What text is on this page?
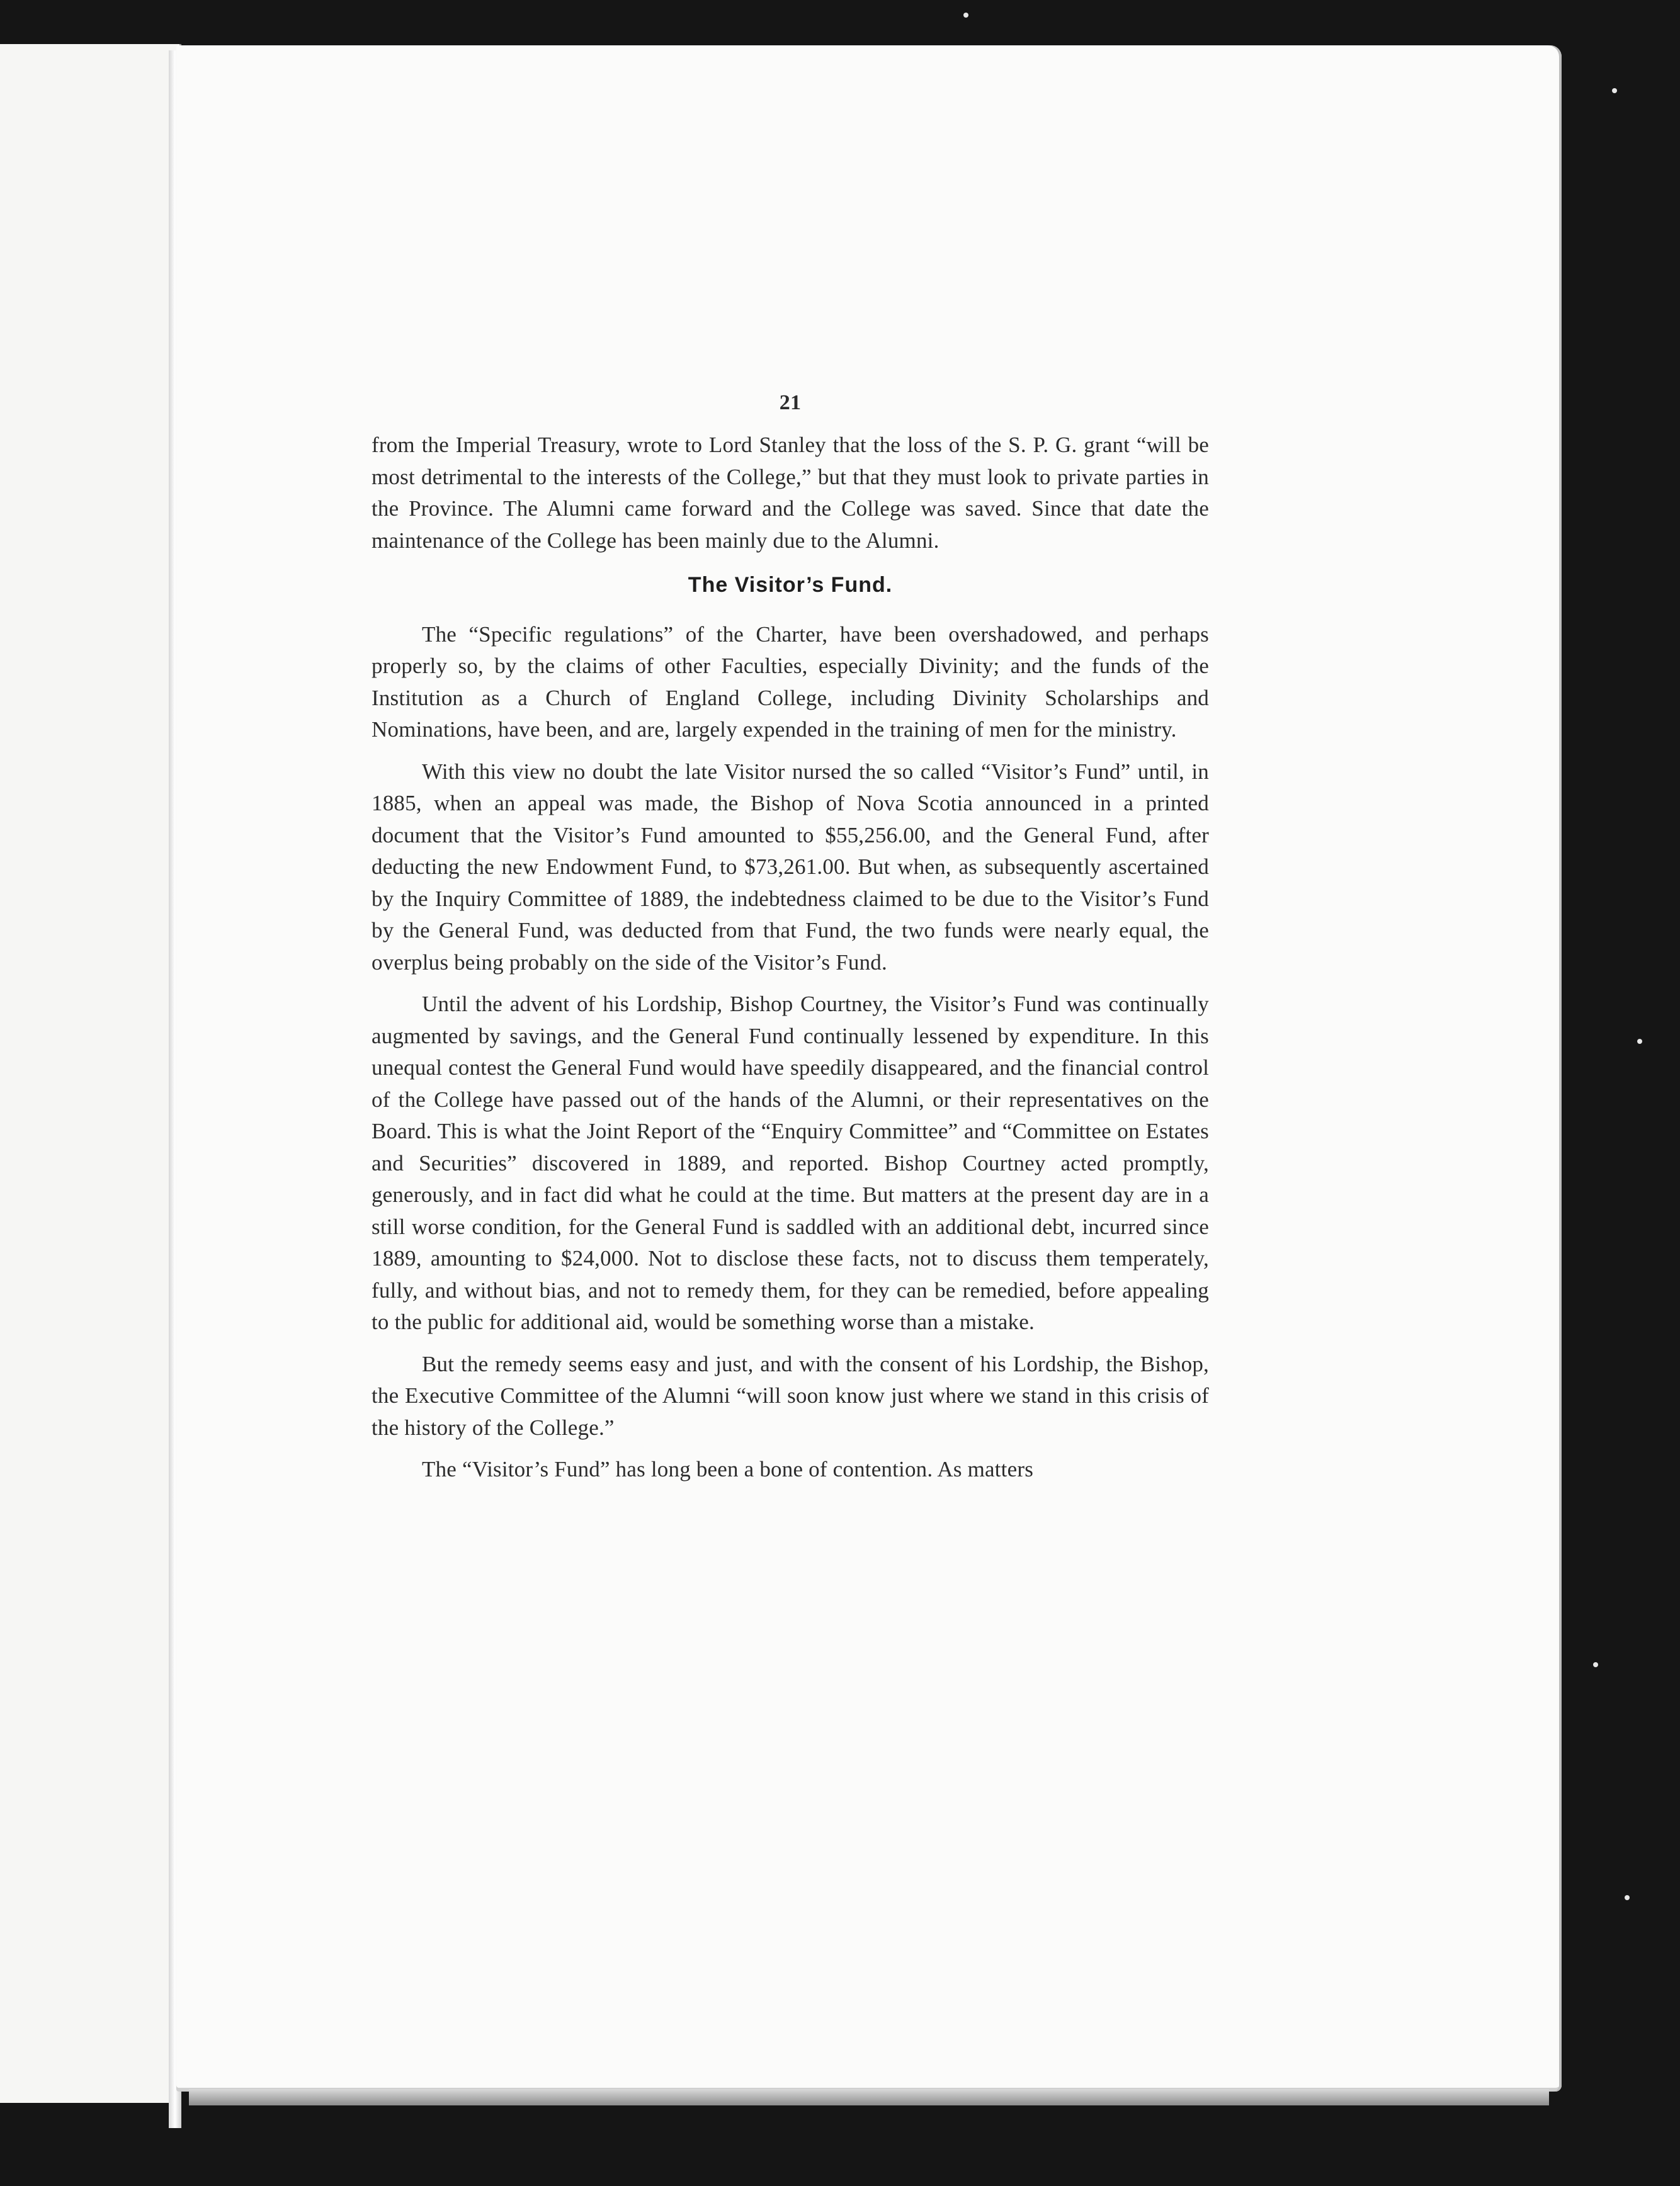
21

from the Imperial Treasury, wrote to Lord Stanley that the loss of the S. P. G. grant “will be most detrimental to the interests of the College,” but that they must look to private parties in the Province. The Alumni came forward and the College was saved. Since that date the maintenance of the College has been mainly due to the Alumni.

The Visitor’s Fund.

The “Specific regulations” of the Charter, have been overshadowed, and perhaps properly so, by the claims of other Faculties, especially Divinity; and the funds of the Institution as a Church of England College, including Divinity Scholarships and Nominations, have been, and are, largely expended in the training of men for the ministry.

With this view no doubt the late Visitor nursed the so called “Visitor’s Fund” until, in 1885, when an appeal was made, the Bishop of Nova Scotia announced in a printed document that the Visitor’s Fund amounted to $55,256.00, and the General Fund, after deducting the new Endowment Fund, to $73,261.00. But when, as subsequently ascertained by the Inquiry Committee of 1889, the indebtedness claimed to be due to the Visitor’s Fund by the General Fund, was deducted from that Fund, the two funds were nearly equal, the overplus being probably on the side of the Visitor’s Fund.

Until the advent of his Lordship, Bishop Courtney, the Visitor’s Fund was continually augmented by savings, and the General Fund continually lessened by expenditure. In this unequal contest the General Fund would have speedily disappeared, and the financial control of the College have passed out of the hands of the Alumni, or their representatives on the Board. This is what the Joint Report of the “Enquiry Committee” and “Committee on Estates and Securities” discovered in 1889, and reported. Bishop Courtney acted promptly, generously, and in fact did what he could at the time. But matters at the present day are in a still worse condition, for the General Fund is saddled with an additional debt, incurred since 1889, amounting to $24,000. Not to disclose these facts, not to discuss them temperately, fully, and without bias, and not to remedy them, for they can be remedied, before appealing to the public for additional aid, would be something worse than a mistake.

But the remedy seems easy and just, and with the consent of his Lordship, the Bishop, the Executive Committee of the Alumni “will soon know just where we stand in this crisis of the history of the College.”

The “Visitor’s Fund” has long been a bone of contention. As matters
